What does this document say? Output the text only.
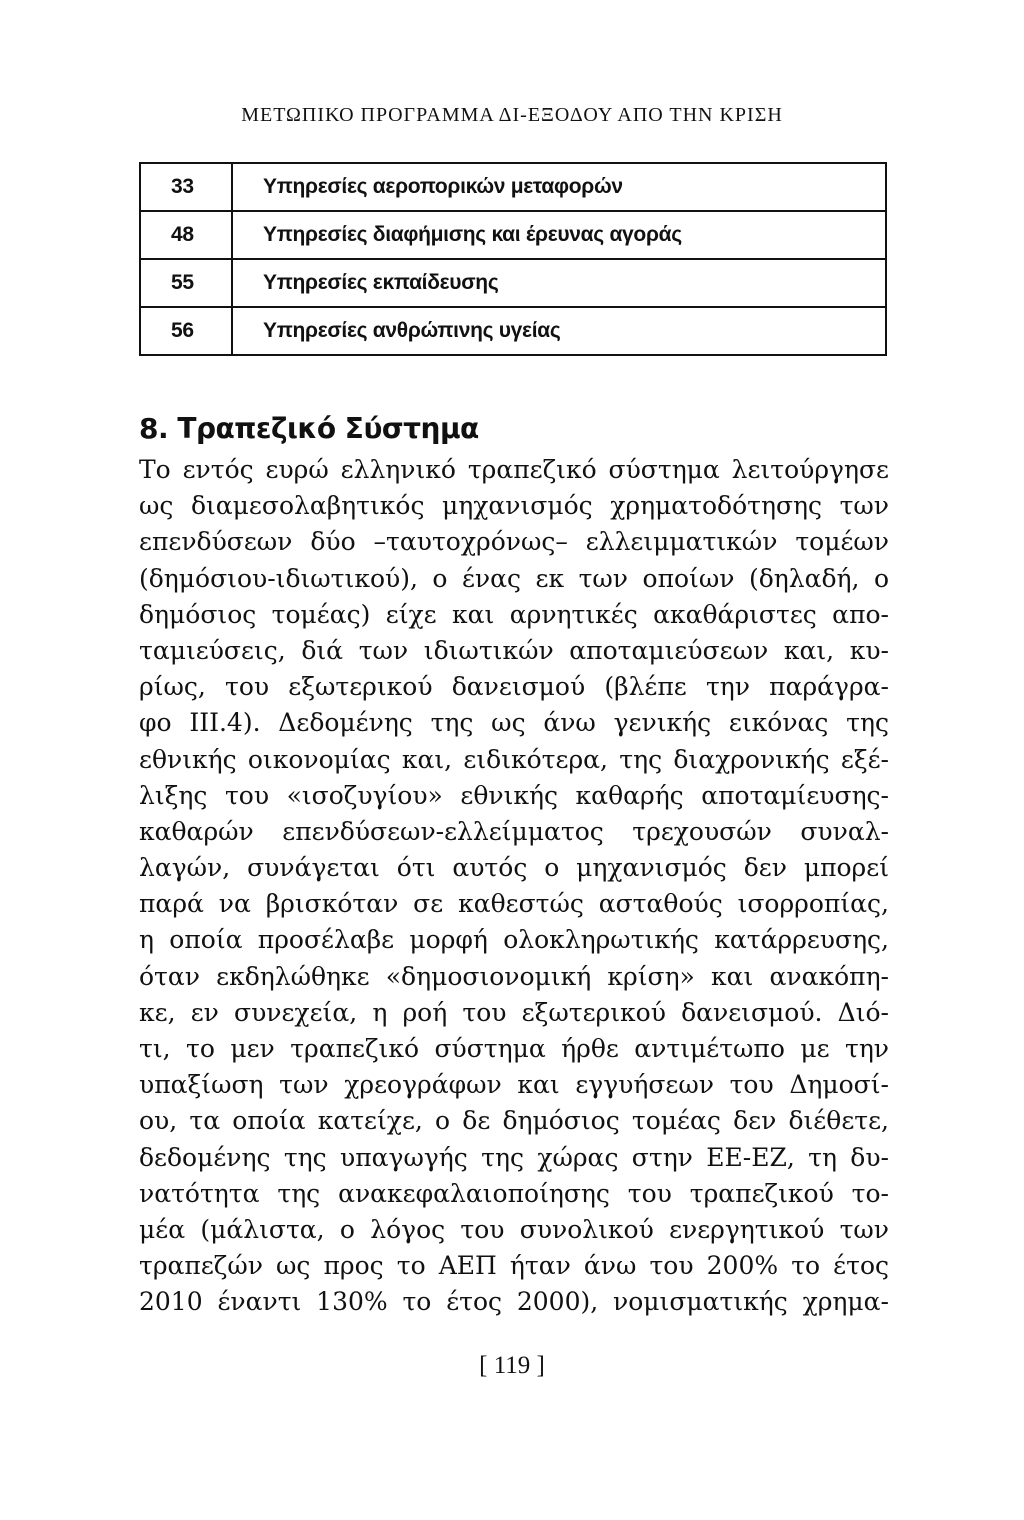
ΜΕΤΩΠΙΚΟ ΠΡΟΓΡΑΜΜΑ ΔΙ-ΕΞΟΔΟΥ ΑΠΟ ΤΗΝ ΚΡΙΣΗ
33	Υπηρεσίες αεροπορικών μεταφορών
48	Υπηρεσίες διαφήμισης και έρευνας αγοράς
55	Υπηρεσίες εκπαίδευσης
56	Υπηρεσίες ανθρώπινης υγείας
8. Τραπεζικό Σύστημα
Το εντός ευρώ ελληνικό τραπεζικό σύστημα λειτούργησε
ως διαμεσολαβητικός μηχανισμός χρηματοδότησης των
επενδύσεων δύο –ταυτοχρόνως– ελλειμματικών τομέων
(δημόσιου-ιδιωτικού), ο ένας εκ των οποίων (δηλαδή, ο
δημόσιος τομέας) είχε και αρνητικές ακαθάριστες απο-
ταμιεύσεις, διά των ιδιωτικών αποταμιεύσεων και, κυ-
ρίως, του εξωτερικού δανεισμού (βλέπε την παράγρα-
φο ΙΙΙ.4). Δεδομένης της ως άνω γενικής εικόνας της
εθνικής οικονομίας και, ειδικότερα, της διαχρονικής εξέ-
λιξης του «ισοζυγίου» εθνικής καθαρής αποταμίευσης-
καθαρών επενδύσεων-ελλείμματος τρεχουσών συναλ-
λαγών, συνάγεται ότι αυτός ο μηχανισμός δεν μπορεί
παρά να βρισκόταν σε καθεστώς ασταθούς ισορροπίας,
η οποία προσέλαβε μορφή ολοκληρωτικής κατάρρευσης,
όταν εκδηλώθηκε «δημοσιονομική κρίση» και ανακόπη-
κε, εν συνεχεία, η ροή του εξωτερικού δανεισμού. Διό-
τι, το μεν τραπεζικό σύστημα ήρθε αντιμέτωπο με την
υπαξίωση των χρεογράφων και εγγυήσεων του Δημοσί-
ου, τα οποία κατείχε, ο δε δημόσιος τομέας δεν διέθετε,
δεδομένης της υπαγωγής της χώρας στην ΕΕ-ΕΖ, τη δυ-
νατότητα της ανακεφαλαιοποίησης του τραπεζικού το-
μέα (μάλιστα, ο λόγος του συνολικού ενεργητικού των
τραπεζών ως προς το ΑΕΠ ήταν άνω του 200% το έτος
2010 έναντι 130% το έτος 2000), νομισματικής χρημα-
[ 119 ]
